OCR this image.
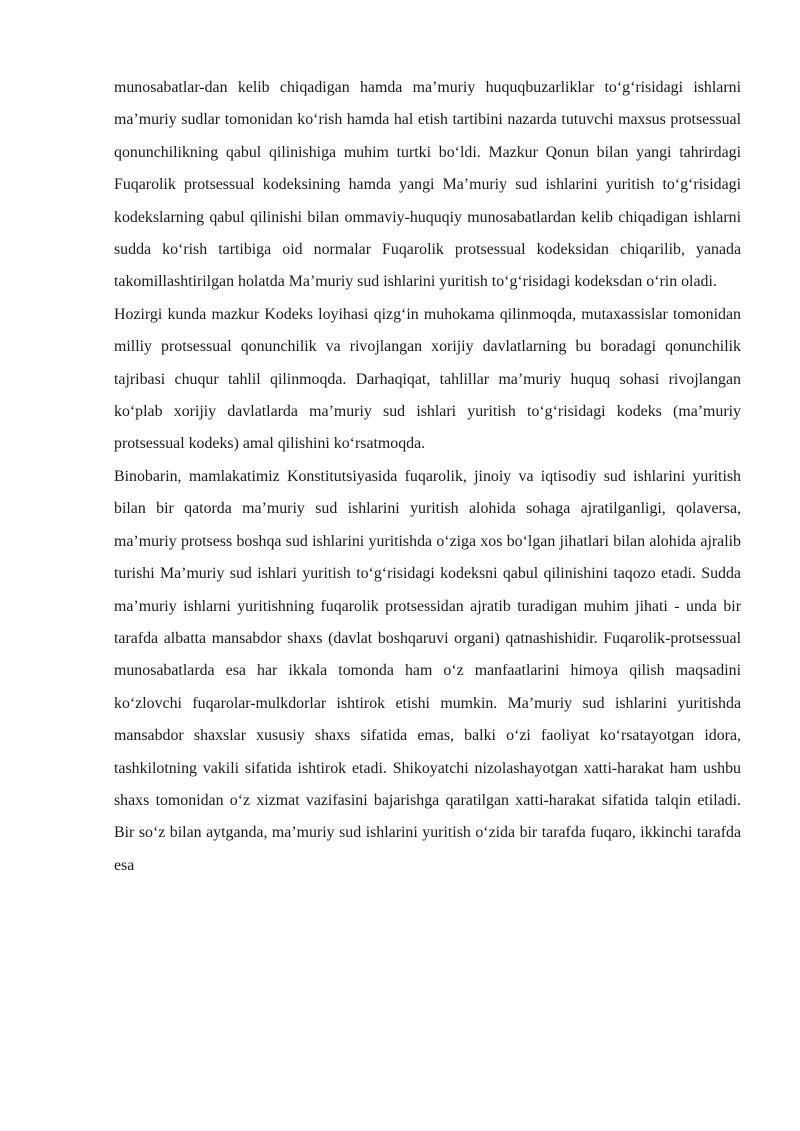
munosabatlar-dan kelib chiqadigan hamda ma’muriy huquqbuzarliklar to‘g‘risidagi ishlarni ma’muriy sudlar tomonidan ko‘rish hamda hal etish tartibini nazarda tutuvchi maxsus protsessual qonunchilikning qabul qilinishiga muhim turtki bo‘ldi. Mazkur Qonun bilan yangi tahrirdagi Fuqarolik protsessual kodeksining hamda yangi Ma’muriy sud ishlarini yuritish to‘g‘risidagi kodekslarning qabul qilinishi bilan ommaviy-huquqiy munosabatlardan kelib chiqadigan ishlarni sudda ko‘rish tartibiga oid normalar Fuqarolik protsessual kodeksidan chiqarilib, yanada takomillashtirilgan holatda Ma’muriy sud ishlarini yuritish to‘g‘risidagi kodeksdan o‘rin oladi.

Hozirgi kunda mazkur Kodeks loyihasi qizg‘in muhokama qilinmoqda, mutaxassislar tomonidan milliy protsessual qonunchilik va rivojlangan xorijiy davlatlarning bu boradagi qonunchilik tajribasi chuqur tahlil qilinmoqda. Darhaqiqat, tahlillar ma’muriy huquq sohasi rivojlangan ko‘plab xorijiy davlatlarda ma’muriy sud ishlari yuritish to‘g‘risidagi kodeks (ma’muriy protsessual kodeks) amal qilishini ko‘rsatmoqda.

Binobarin, mamlakatimiz Konstitutsiyasida fuqarolik, jinoiy va iqtisodiy sud ishlarini yuritish bilan bir qatorda ma’muriy sud ishlarini yuritish alohida sohaga ajratilganligi, qolaversa, ma’muriy protsess boshqa sud ishlarini yuritishda o‘ziga xos bo‘lgan jihatlari bilan alohida ajralib turishi Ma’muriy sud ishlari yuritish to‘g‘risidagi kodeksni qabul qilinishini taqozo etadi. Sudda ma’muriy ishlarni yuritishning fuqarolik protsessidan ajratib turadigan muhim jihati - unda bir tarafda albatta mansabdor shaxs (davlat boshqaruvi organi) qatnashishidir. Fuqarolik-protsessual munosabatlarda esa har ikkala tomonda ham o‘z manfaatlarini himoya qilish maqsadini ko‘zlovchi fuqarolar-mulkdorlar ishtirok etishi mumkin. Ma’muriy sud ishlarini yuritishda mansabdor shaxslar xususiy shaxs sifatida emas, balki o‘zi faoliyat ko‘rsatayotgan idora, tashkilotning vakili sifatida ishtirok etadi. Shikoyatchi nizolashayotgan xatti-harakat ham ushbu shaxs tomonidan o‘z xizmat vazifasini bajarishga qaratilgan xatti-harakat sifatida talqin etiladi. Bir so‘z bilan aytganda, ma’muriy sud ishlarini yuritish o‘zida bir tarafda fuqaro, ikkinchi tarafda esa
